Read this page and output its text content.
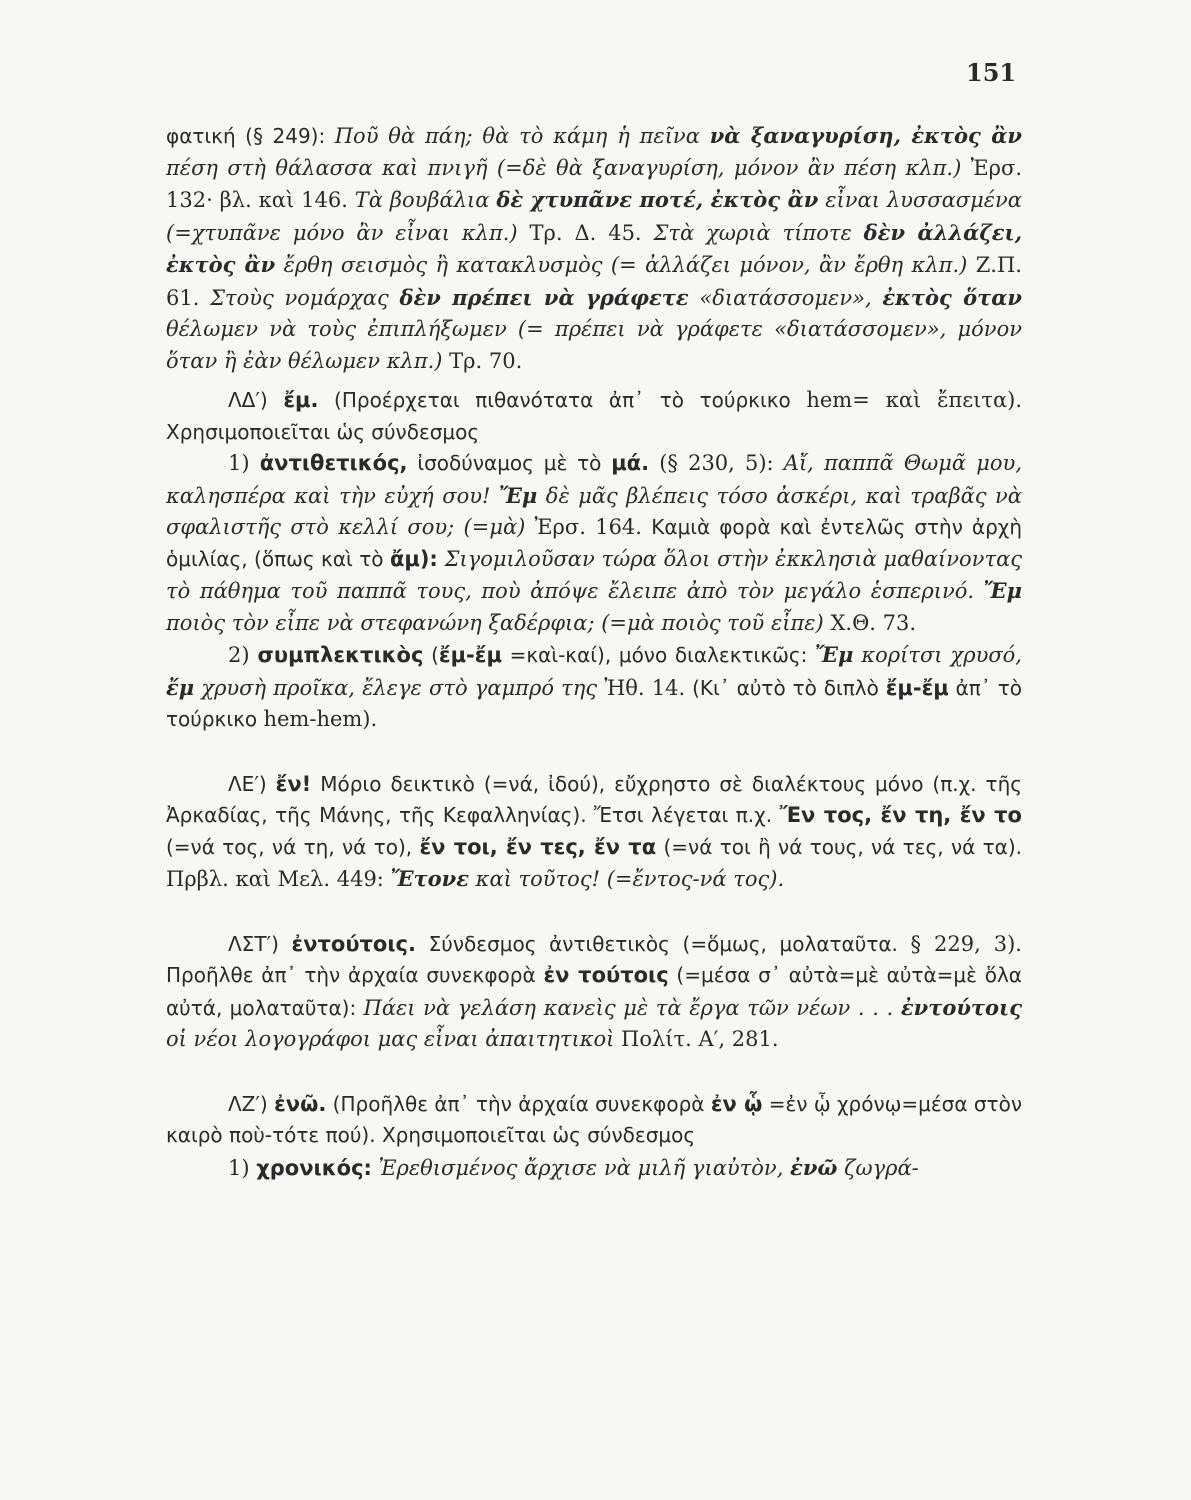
151

φατική (§ 249): Ποῦ θὰ πάη; θὰ τὸ κάμη ἡ πεῖνα νὰ ξαναγυρίση, ἐκτὸς ἂν πέση στὴ θάλασσα καὶ πνιγῆ (=δὲ θὰ ξαναγυρίση, μόνον ἂν πέση κλπ.) Ἐρσ. 132· βλ. καὶ 146. Τὰ βουβάλια δὲ χτυπᾶνε ποτέ, ἐκτὸς ἂν εἶναι λυσσασμένα (=χτυπᾶνε μόνο ἂν εἶναι κλπ.) Τρ. Δ. 45. Στὰ χωριὰ τίποτε δὲν ἀλλάζει, ἐκτὸς ἂν ἔρθη σεισμὸς ἢ κατακλυσμὸς (= ἀλλάζει μόνον, ἂν ἔρθη κλπ.) Ζ.Π. 61. Στοὺς νομάρχας δὲν πρέπει νὰ γράφετε «διατάσσομεν», ἐκτὸς ὅταν θέλωμεν νὰ τοὺς ἐπιπλήξωμεν (= πρέπει νὰ γράφετε «διατάσσομεν», μόνον ὅταν ἢ ἐὰν θέλωμεν κλπ.) Τρ. 70.

ΛΔ′) ἔμ. (Προέρχεται πιθανότατα ἀπ᾽ τὸ τούρκικο hem= καὶ ἔπειτα). Χρησιμοποιεῖται ὡς σύνδεσμος

1) ἀντιθετικός, ἰσοδύναμος μὲ τὸ μά. (§ 230, 5): Αἴ, παππᾶ Θωμᾶ μου, καλησπέρα καὶ τὴν εὐχή σου! Ἔμ δὲ μᾶς βλέπεις τόσο ἀσκέρι, καὶ τραβᾶς νὰ σφαλιστῆς στὸ κελλί σου; (=μὰ) Ἐρσ. 164. Καμιὰ φορὰ καὶ ἐντελῶς στὴν ἀρχὴ ὁμιλίας, (ὅπως καὶ τὸ ἄμ): Σιγομιλοῦσαν τώρα ὅλοι στὴν ἐκκλησιὰ μαθαίνοντας τὸ πάθημα τοῦ παππᾶ τους, ποὺ ἀπόψε ἔλειπε ἀπὸ τὸν μεγάλο ἑσπερινό. Ἔμ ποιὸς τὸν εἶπε νὰ στεφανώνη ξαδέρφια; (=μὰ ποιὸς τοῦ εἶπε) Χ.Θ. 73.

2) συμπλεκτικὸς (ἔμ-ἔμ =καὶ-καί), μόνο διαλεκτικῶς: Ἔμ κορίτσι χρυσό, ἔμ χρυσὴ προῖκα, ἔλεγε στὸ γαμπρό της Ἠθ. 14. (Κι᾽ αὐτὸ τὸ διπλὸ ἔμ-ἔμ ἀπ᾽ τὸ τούρκικο hem-hem).

ΛΕ′) ἔν! Μόριο δεικτικὸ (=νά, ἰδού), εὔχρηστο σὲ διαλέκτους μόνο (π.χ. τῆς Ἀρκαδίας, τῆς Μάνης, τῆς Κεφαλληνίας). Ἔτσι λέγεται π.χ. Ἔν τος, ἔν τη, ἔν το (=νά τος, νά τη, νά το), ἔν τοι, ἔν τες, ἔν τα (=νά τοι ἢ νά τους, νά τες, νά τα). Πρβλ. καὶ Μελ. 449: Ἔτονε καὶ τοῦτος! (=ἔντος-νά τος).

ΛΣΤ′) ἐντούτοις. Σύνδεσμος ἀντιθετικὸς (=ὅμως, μολαταῦτα. § 229, 3). Προῆλθε ἀπ᾽ τὴν ἀρχαία συνεκφορὰ ἐν τούτοις (=μέσα σ᾽ αὐτὰ=μὲ αὐτὰ=μὲ ὅλα αὐτά, μολαταῦτα): Πάει νὰ γελάση κανεὶς μὲ τὰ ἔργα τῶν νέων . . . ἐντούτοις οἱ νέοι λογογράφοι μας εἶναι ἀπαιτητικοὶ Πολίτ. Α′, 281.

ΛΖ′) ἐνῶ. (Προῆλθε ἀπ᾽ τὴν ἀρχαία συνεκφορὰ ἐν ᾧ =ἐν ᾧ χρόνῳ=μέσα στὸν καιρὸ ποὺ-τότε πού). Χρησιμοποιεῖται ὡς σύνδεσμος

1) χρονικός: Ἐρεθισμένος ἄρχισε νὰ μιλῆ γιαὐτὸν, ἐνῶ ζωγρά-
